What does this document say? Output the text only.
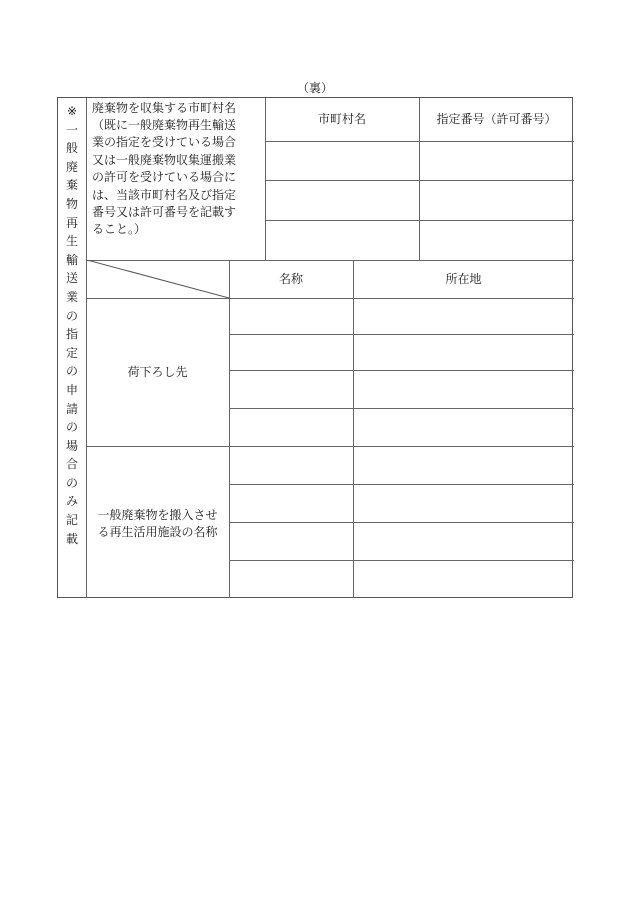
（裏）
※
一
般
廃
棄
物
再
生
輸
送
業
の
指
定
の
申
請
の
場
合
の
み
記
載
廃棄物を収集する市町村名
（既に一般廃棄物再生輸送
業の指定を受けている場合
又は一般廃棄物収集運搬業
の許可を受けている場合に
は、当該市町村名及び指定
番号又は許可番号を記載す
ること。）
市町村名	指定番号（許可番号）
名称	所在地
荷下ろし先
一般廃棄物を搬入させ
る再生活用施設の名称
